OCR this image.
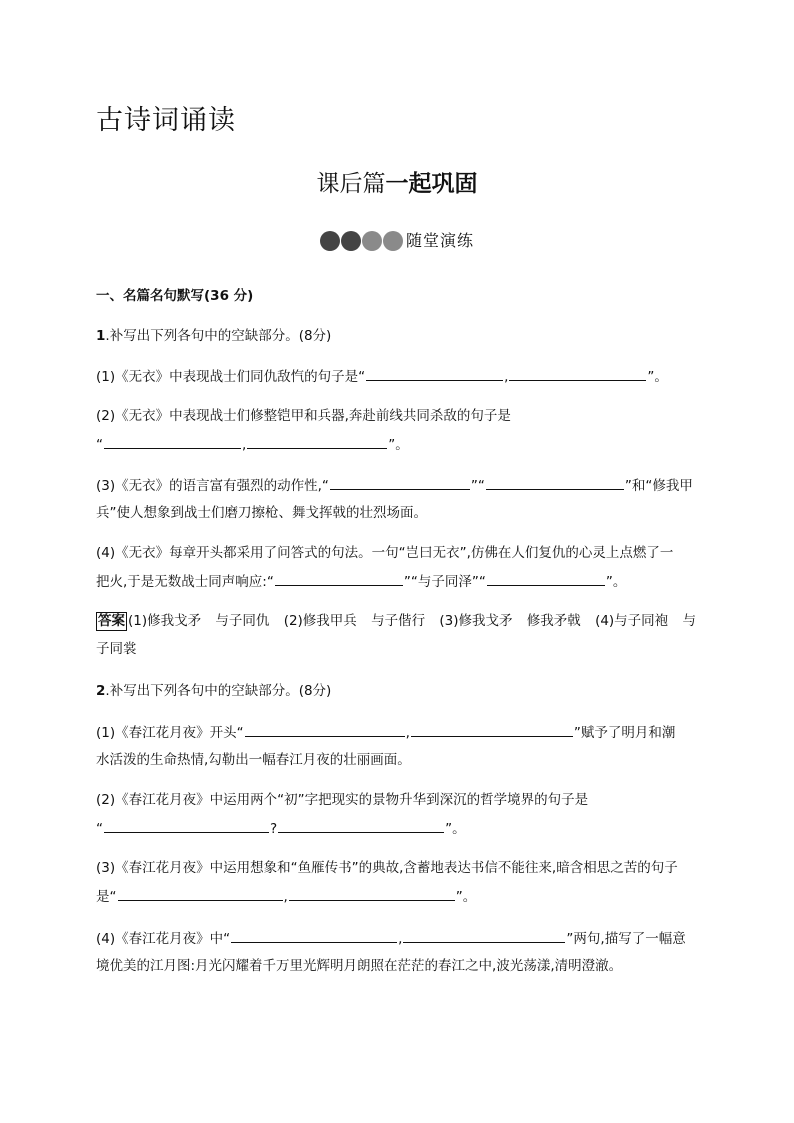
古诗词诵读
课后篇一起巩固
随堂演练
一、名篇名句默写(36 分)
1.补写出下列各句中的空缺部分。(8分)
(1)《无衣》中表现战士们同仇敌忾的句子是“	,	”。
(2)《无衣》中表现战士们修整铠甲和兵器,奔赴前线共同杀敌的句子是
“	,	”。
(3)《无衣》的语言富有强烈的动作性,“	”“	”和“修我甲
兵”使人想象到战士们磨刀擦枪、舞戈挥戟的壮烈场面。
(4)《无衣》每章开头都采用了问答式的句法。一句“岂曰无衣”,仿佛在人们复仇的心灵上点燃了一
把火,于是无数战士同声响应:“	”“与子同泽”“	”。
答案 (1)修我戈矛 与子同仇 (2)修我甲兵 与子偕行 (3)修我戈矛 修我矛戟 (4)与子同袍 与
子同裳
2.补写出下列各句中的空缺部分。(8分)
(1)《春江花月夜》开头“	,	”赋予了明月和潮
水活泼的生命热情,勾勒出一幅春江月夜的壮丽画面。
(2)《春江花月夜》中运用两个“初”字把现实的景物升华到深沉的哲学境界的句子是
“	?	”。
(3)《春江花月夜》中运用想象和“鱼雁传书”的典故,含蓄地表达书信不能往来,暗含相思之苦的句子
是“	,	”。
(4)《春江花月夜》中“	,	”两句,描写了一幅意
境优美的江月图:月光闪耀着千万里光辉明月朗照在茫茫的春江之中,波光荡漾,清明澄澈。
